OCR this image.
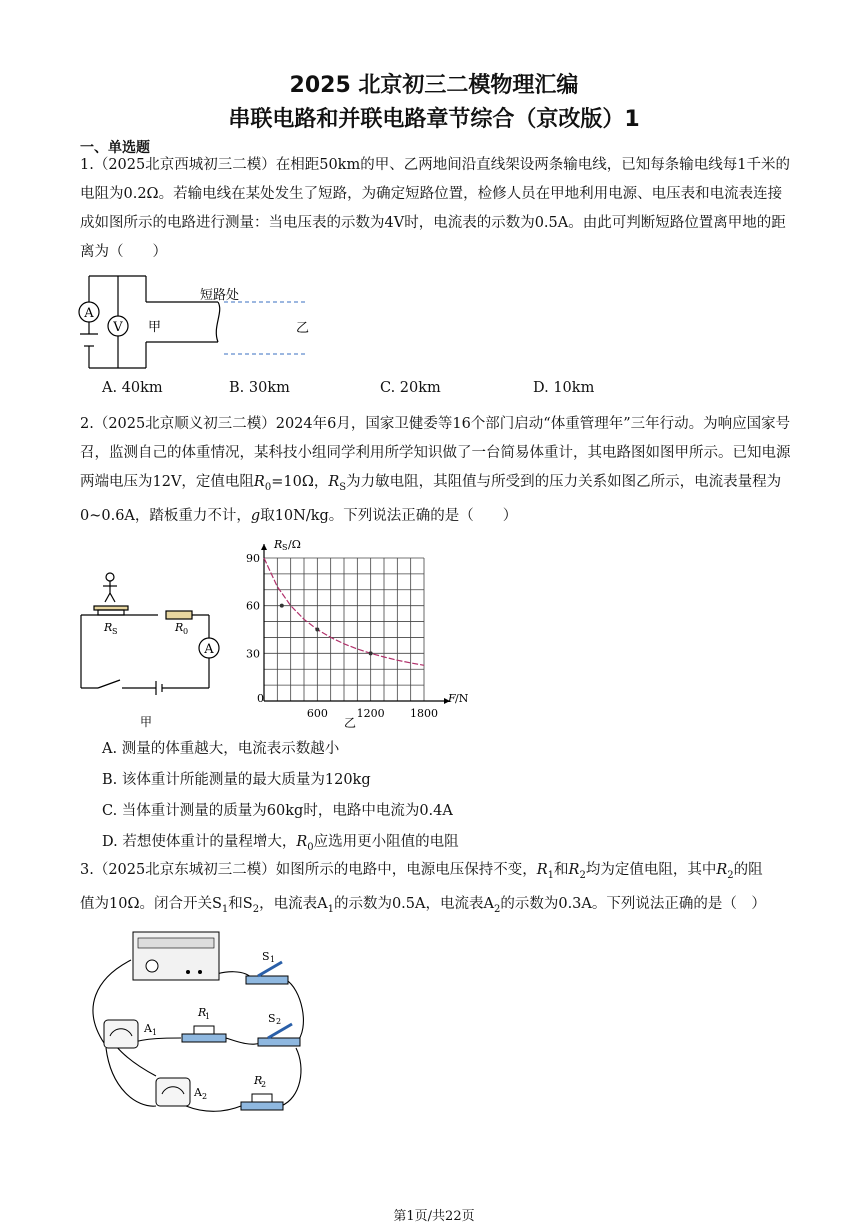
2025 北京初三二模物理汇编
串联电路和并联电路章节综合（京改版）1
一、单选题

1.（2025北京西城初三二模）在相距50km的甲、乙两地间沿直线架设两条输电线，已知每条输电线每1千米的电阻为0.2Ω。若输电线在某处发生了短路，为确定短路位置，检修人员在甲地利用电源、电压表和电流表连接成如图所示的电路进行测量：当电压表的示数为4V时，电流表的示数为0.5A。由此可判断短路位置离甲地的距离为（　　）

A
V
短路处
甲	乙
A. 40km	B. 30km	C. 20km	D. 10km

2.（2025北京顺义初三二模）2024年6月，国家卫健委等16个部门启动“体重管理年”三年行动。为响应国家号召，监测自己的体重情况，某科技小组同学利用所学知识做了一台简易体重计，其电路图如图甲所示。已知电源两端电压为12V，定值电阻$R_0=10\Omega$，$R_S$为力敏电阻，其阻值与所受到的压力关系如图乙所示，电流表量程为0~0.6A，踏板重力不计，g取10N/kg。下列说法正确的是（　　）

A
R S	R 0
甲
600	1200 1800
30
60
90
R S /Ω
F /N
0
乙
A. 测量的体重越大，电流表示数越小
B. 该体重计所能测量的最大质量为120kg
C. 当体重计测量的质量为60kg时，电路中电流为0.4A
D. 若想使体重计的量程增大，$R_0$应选用更小阻值的电阻

3.（2025北京东城初三二模）如图所示的电路中，电源电压保持不变，$R_1$和$R_2$均为定值电阻，其中$R_2$的阻
值为10Ω。闭合开关$S_1$和$S_2$，电流表$A_1$的示数为0.5A，电流表$A_2$的示数为0.3A。下列说法正确的是（　）

S 1
S 2
R
1
R
2
A 1
A 2
第1页/共22页
